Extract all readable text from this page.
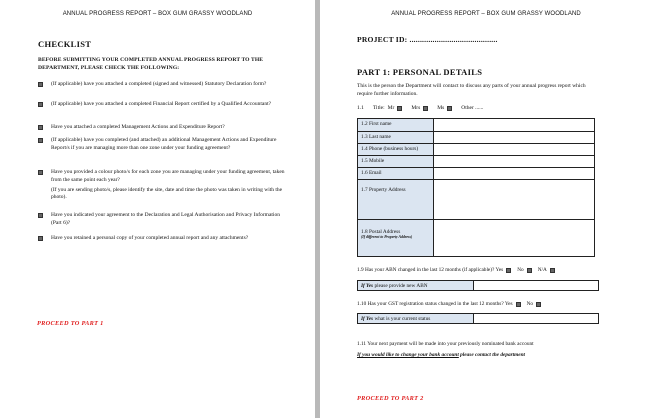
ANNUAL PROGRESS REPORT – BOX GUM GRASSY WOODLAND
CHECKLIST
BEFORE SUBMITTING YOUR COMPLETED ANNUAL PROGRESS REPORT TO THE DEPARTMENT, PLEASE CHECK THE FOLLOWING:

(If applicable) have you attached a completed (signed and witnessed) Statutory Declaration form?

(If applicable) have you attached a completed Financial Report certified by a Qualified Accountant?

Have you attached a completed Management Actions and Expenditure Report?

(If applicable) have you completed (and attached) an additional Management Actions and Expenditure Report/s if you are managing more than one zone under your funding agreement?

Have you provided a colour photo/s for each zone you are managing under your funding agreement, taken from the same point each year?

(If you are sending photo/s, please identify the site, date and time the photo was taken in writing with the photo).

Have you indicated your agreement to the Declaration and Legal Authorisation and Privacy Information (Part 6)?

Have you retained a personal copy of your completed annual report and any attachments?

PROCEED TO PART 1
ANNUAL PROGRESS REPORT – BOX GUM GRASSY WOODLAND
PROJECT ID: ..........................................
PART 1: PERSONAL DETAILS
This is the person the Department will contact to discuss any parts of your annual progress report which require further information.
1.1 Title: Mr	Mrs	Ms	Other ......
1.2 First name
1.3 Last name
1.4 Phone (business hours)
1.5 Mobile
1.6 Email
1.7 Property Address
1.8 Postal Address
(If different to Property Address)
1.9 Has your ABN changed in the last 12 months (if applicable)? Yes	No	N/A
If Yes please provide new ABN
1.10 Has your GST registration status changed in the last 12 months? Yes	No
If Yes what is your current status
1.11 Your next payment will be made into your previously nominated bank account
If you would like to change your bank account please contact the department
PROCEED TO PART 2
